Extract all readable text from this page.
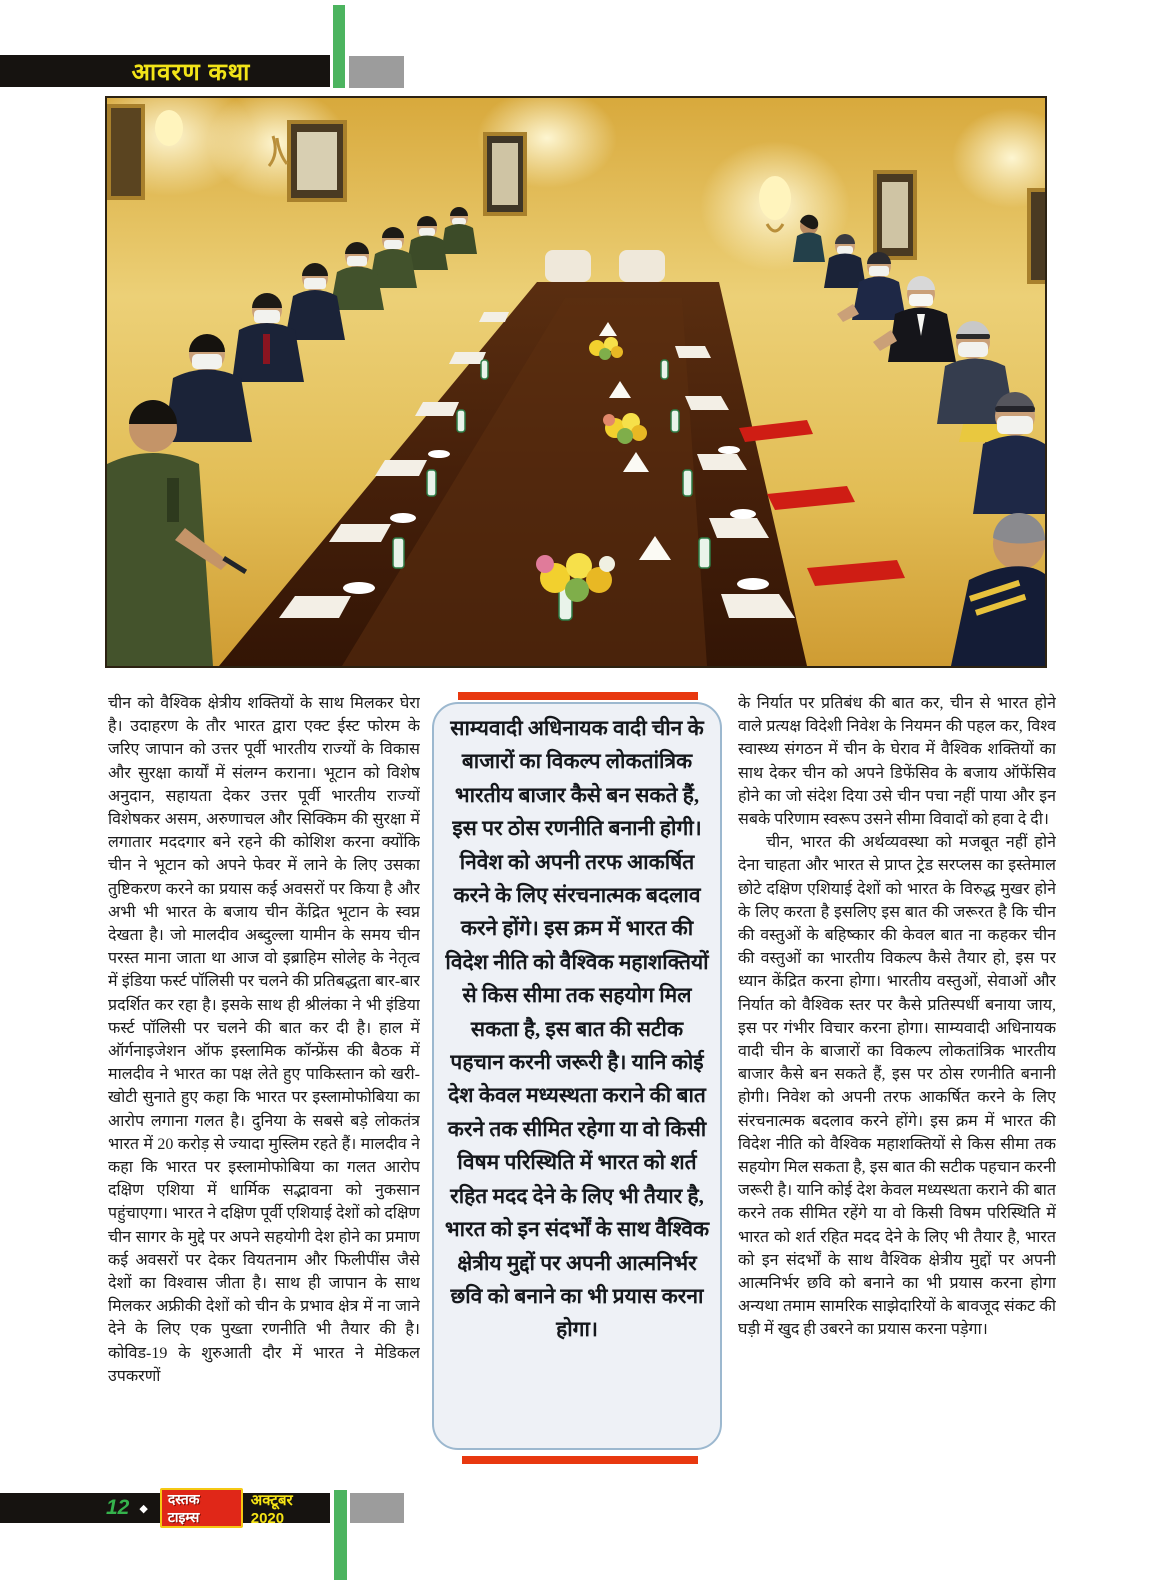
आवरण कथा
चीन को वैश्विक क्षेत्रीय शक्तियों के साथ मिलकर घेरा है। उदाहरण के तौर भारत द्वारा एक्ट ईस्ट फोरम के जरिए जापान को उत्तर पूर्वी भारतीय राज्यों के विकास और सुरक्षा कार्यों में संलग्न कराना। भूटान को विशेष अनुदान, सहायता देकर उत्तर पूर्वी भारतीय राज्यों विशेषकर असम, अरुणाचल और सिक्किम की सुरक्षा में लगातार मददगार बने रहने की कोशिश करना क्योंकि चीन ने भूटान को अपने फेवर में लाने के लिए उसका तुष्टिकरण करने का प्रयास कई अवसरों पर किया है और अभी भी भारत के बजाय चीन केंद्रित भूटान के स्वप्न देखता है। जो मालदीव अब्दुल्ला यामीन के समय चीन परस्त माना जाता था आज वो इब्राहिम सोलेह के नेतृत्व में इंडिया फर्स्ट पॉलिसी पर चलने की प्रतिबद्धता बार-बार प्रदर्शित कर रहा है। इसके साथ ही श्रीलंका ने भी इंडिया फर्स्ट पॉलिसी पर चलने की बात कर दी है। हाल में ऑर्गनाइजेशन ऑफ इस्लामिक कॉन्फ्रेंस की बैठक में मालदीव ने भारत का पक्ष लेते हुए पाकिस्तान को खरी-खोटी सुनाते हुए कहा कि भारत पर इस्लामोफोबिया का आरोप लगाना गलत है। दुनिया के सबसे बड़े लोकतंत्र भारत में 20 करोड़ से ज्यादा मुस्लिम रहते हैं। मालदीव ने कहा कि भारत पर इस्लामोफोबिया का गलत आरोप दक्षिण एशिया में धार्मिक सद्भावना को नुकसान पहुंचाएगा। भारत ने दक्षिण पूर्वी एशियाई देशों को दक्षिण चीन सागर के मुद्दे पर अपने सहयोगी देश होने का प्रमाण कई अवसरों पर देकर वियतनाम और फिलीपींस जैसे देशों का विश्वास जीता है। साथ ही जापान के साथ मिलकर अफ्रीकी देशों को चीन के प्रभाव क्षेत्र में ना जाने देने के लिए एक पुख्ता रणनीति भी तैयार की है। कोविड-19 के शुरुआती दौर में भारत ने मेडिकल उपकरणों
साम्यवादी अधिनायक वादी चीन के बाजारों का विकल्प लोकतांत्रिक भारतीय बाजार कैसे बन सकते हैं, इस पर ठोस रणनीति बनानी होगी। निवेश को अपनी तरफ आकर्षित करने के लिए संरचनात्मक बदलाव करने होंगे। इस क्रम में भारत की विदेश नीति को वैश्विक महाशक्तियों से किस सीमा तक सहयोग मिल सकता है, इस बात की सटीक पहचान करनी जरूरी है। यानि कोई देश केवल मध्यस्थता कराने की बात करने तक सीमित रहेगा या वो किसी विषम परिस्थिति में भारत को शर्त रहित मदद देने के लिए भी तैयार है, भारत को इन संदर्भों के साथ वैश्विक क्षेत्रीय मुद्दों पर अपनी आत्मनिर्भर छवि को बनाने का भी प्रयास करना होगा।

के निर्यात पर प्रतिबंध की बात कर, चीन से भारत होने वाले प्रत्यक्ष विदेशी निवेश के नियमन की पहल कर, विश्व स्वास्थ्य संगठन में चीन के घेराव में वैश्विक शक्तियों का साथ देकर चीन को अपने डिफेंसिव के बजाय ऑफेंसिव होने का जो संदेश दिया उसे चीन पचा नहीं पाया और इन सबके परिणाम स्वरूप उसने सीमा विवादों को हवा दे दी।

चीन, भारत की अर्थव्यवस्था को मजबूत नहीं होने देना चाहता और भारत से प्राप्त ट्रेड सरप्लस का इस्तेमाल छोटे दक्षिण एशियाई देशों को भारत के विरुद्ध मुखर होने के लिए करता है इसलिए इस बात की जरूरत है कि चीन की वस्तुओं के बहिष्कार की केवल बात ना कहकर चीन की वस्तुओं का भारतीय विकल्प कैसे तैयार हो, इस पर ध्यान केंद्रित करना होगा। भारतीय वस्तुओं, सेवाओं और निर्यात को वैश्विक स्तर पर कैसे प्रतिस्पर्धी बनाया जाय, इस पर गंभीर विचार करना होगा। साम्यवादी अधिनायक वादी चीन के बाजारों का विकल्प लोकतांत्रिक भारतीय बाजार कैसे बन सकते हैं, इस पर ठोस रणनीति बनानी होगी। निवेश को अपनी तरफ आकर्षित करने के लिए संरचनात्मक बदलाव करने होंगे। इस क्रम में भारत की विदेश नीति को वैश्विक महाशक्तियों से किस सीमा तक सहयोग मिल सकता है, इस बात की सटीक पहचान करनी जरूरी है। यानि कोई देश केवल मध्यस्थता कराने की बात करने तक सीमित रहेंगे या वो किसी विषम परिस्थिति में भारत को शर्त रहित मदद देने के लिए भी तैयार है, भारत को इन संदर्भों के साथ वैश्विक क्षेत्रीय मुद्दों पर अपनी आत्मनिर्भर छवि को बनाने का भी प्रयास करना होगा अन्यथा तमाम सामरिक साझेदारियों के बावजूद संकट की घड़ी में खुद ही उबरने का प्रयास करना पड़ेगा।

12 ◆
दस्तक टाइम्स
अक्टूबर 2020
